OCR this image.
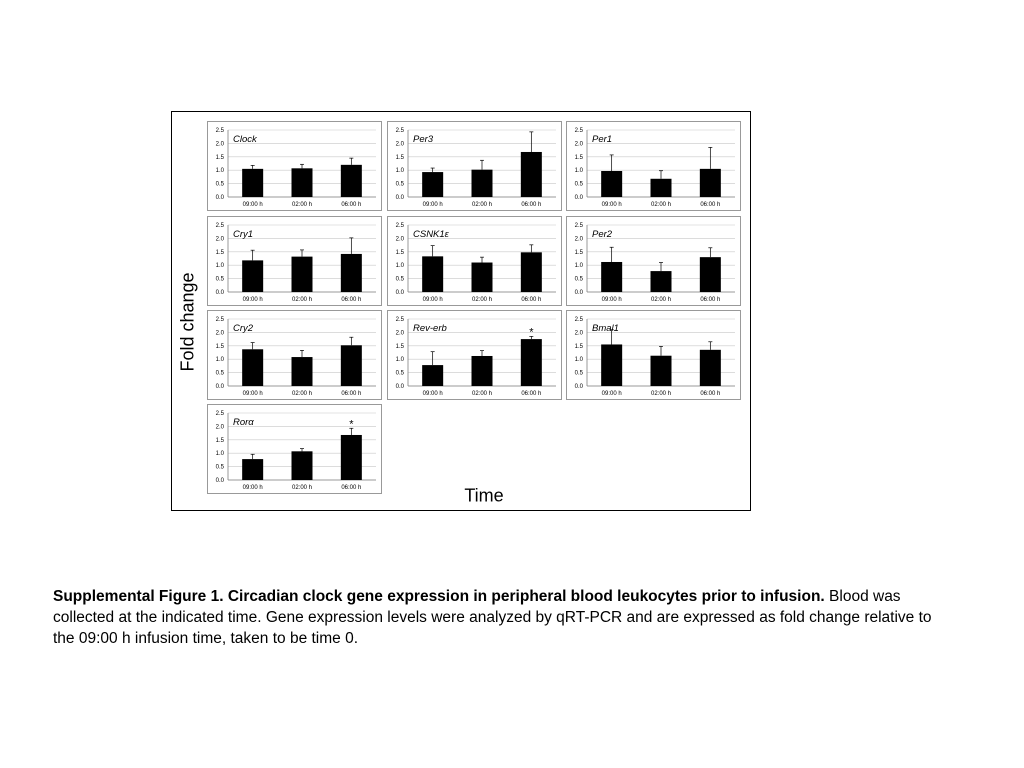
0.0
0.5
1.0
1.5
2.0
2.5
09:00 h	02:00 h	06:00 h
Clock
0.0
0.5
1.0
1.5
2.0
2.5
09:00 h	02:00 h	06:00 h
Per3
0.0
0.5
1.0
1.5
2.0
2.5
09:00 h	02:00 h	06:00 h
Per1
0.0
0.5
1.0
1.5
2.0
2.5
09:00 h	02:00 h	06:00 h
Cry1
0.0
0.5
1.0
1.5
2.0
2.5
09:00 h	02:00 h	06:00 h
CSNK1ε
0.0
0.5
1.0
1.5
2.0
2.5
09:00 h	02:00 h	06:00 h
Per2
0.0
0.5
1.0
1.5
2.0
2.5
09:00 h	02:00 h	06:00 h
Cry2
0.0
0.5
1.0
1.5
2.0
2.5
09:00 h	02:00 h
*
06:00 h
Rev-erb
0.0
0.5
1.0
1.5
2.0
2.5
09:00 h	02:00 h	06:00 h
Bmal1
0.0
0.5
1.0
1.5
2.0
2.5
09:00 h	02:00 h
*
06:00 h
Rorα
Fold change
Time
Supplemental Figure 1. Circadian clock gene expression in peripheral blood leukocytes prior to infusion. Blood was collected at the indicated time. Gene expression levels were analyzed by qRT-PCR and are expressed as fold change relative to the 09:00 h infusion time, taken to be time 0.
